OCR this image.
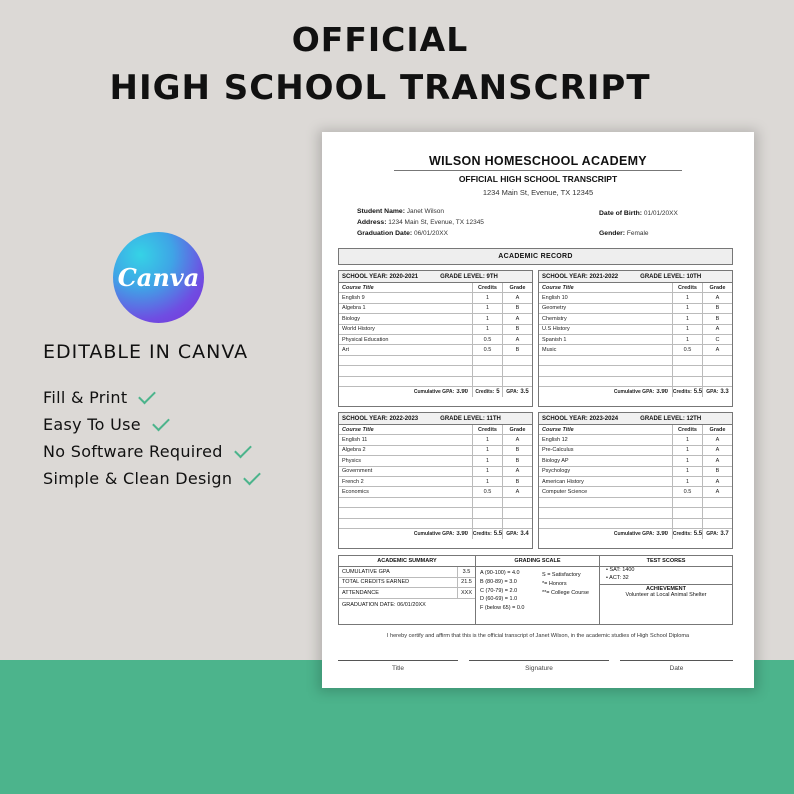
OFFICIAL
HIGH SCHOOL TRANSCRIPT
Canva
EDITABLE IN CANVA
Fill & Print
Easy To Use
No Software Required
Simple & Clean Design
WILSON HOMESCHOOL ACADEMY
OFFICIAL HIGH SCHOOL TRANSCRIPT
1234 Main St, Evenue, TX 12345
Student Name: Janet Wilson
Address: 1234 Main St, Evenue, TX 12345
Graduation Date: 06/01/20XX
Date of Birth: 01/01/20XX
Gender: Female
ACADEMIC RECORD
SCHOOL YEAR: 2020-2021	GRADE LEVEL: 9TH
Course Title	Credits	Grade
English 9	1	A
Algebra 1	1	B
Biology	1	A
World History	1	B
Physical Education	0.5	A
Art	0.5	B
Cumulative GPA: 3.90	Credits: 5 GPA: 3.5
SCHOOL YEAR: 2021-2022	GRADE LEVEL: 10TH
Course Title	Credits	Grade
English 10	1	A
Geometry	1	B
Chemistry	1	B
U.S History	1	A
Spanish 1	1	C
Music	0.5	A
Cumulative GPA: 3.90 Credits: 5.5 GPA: 3.3
SCHOOL YEAR: 2022-2023	GRADE LEVEL: 11TH
Course Title	Credits	Grade
English 11	1	A
Algebra 2	1	B
Physics	1	B
Government	1	A
French 2	1	B
Economics	0.5	A
Cumulative GPA: 3.90 Credits: 5.5 GPA: 3.4
SCHOOL YEAR: 2023-2024	GRADE LEVEL: 12TH
Course Title	Credits	Grade
English 12	1	A
Pre-Calculus	1	A
Biology AP	1	A
Psychology	1	B
American History	1	A
Computer Science	0.5	A
Cumulative GPA: 3.90 Credits: 5.5 GPA: 3.7
ACADEMIC SUMMARY
CUMULATIVE GPA	3.5
TOTAL CREDITS EARNED	21.5
ATTENDANCE	XXX
GRADUATION DATE: 06/01/20XX
GRADING SCALE
A (90-100) = 4.0
B (80-89) = 3.0
C (70-79) = 2.0
D (60-69) = 1.0
F (below 65) = 0.0
S = Satisfactory
*= Honors
**= College Course
TEST SCORES
• SAT: 1400
• ACT: 32
ACHIEVEMENT
Volunteer at Local Animal Shelter
I hereby certify and affirm that this is the official transcript of Janet Wilson, in the academic studies of High School Diploma
Title	Signature	Date
